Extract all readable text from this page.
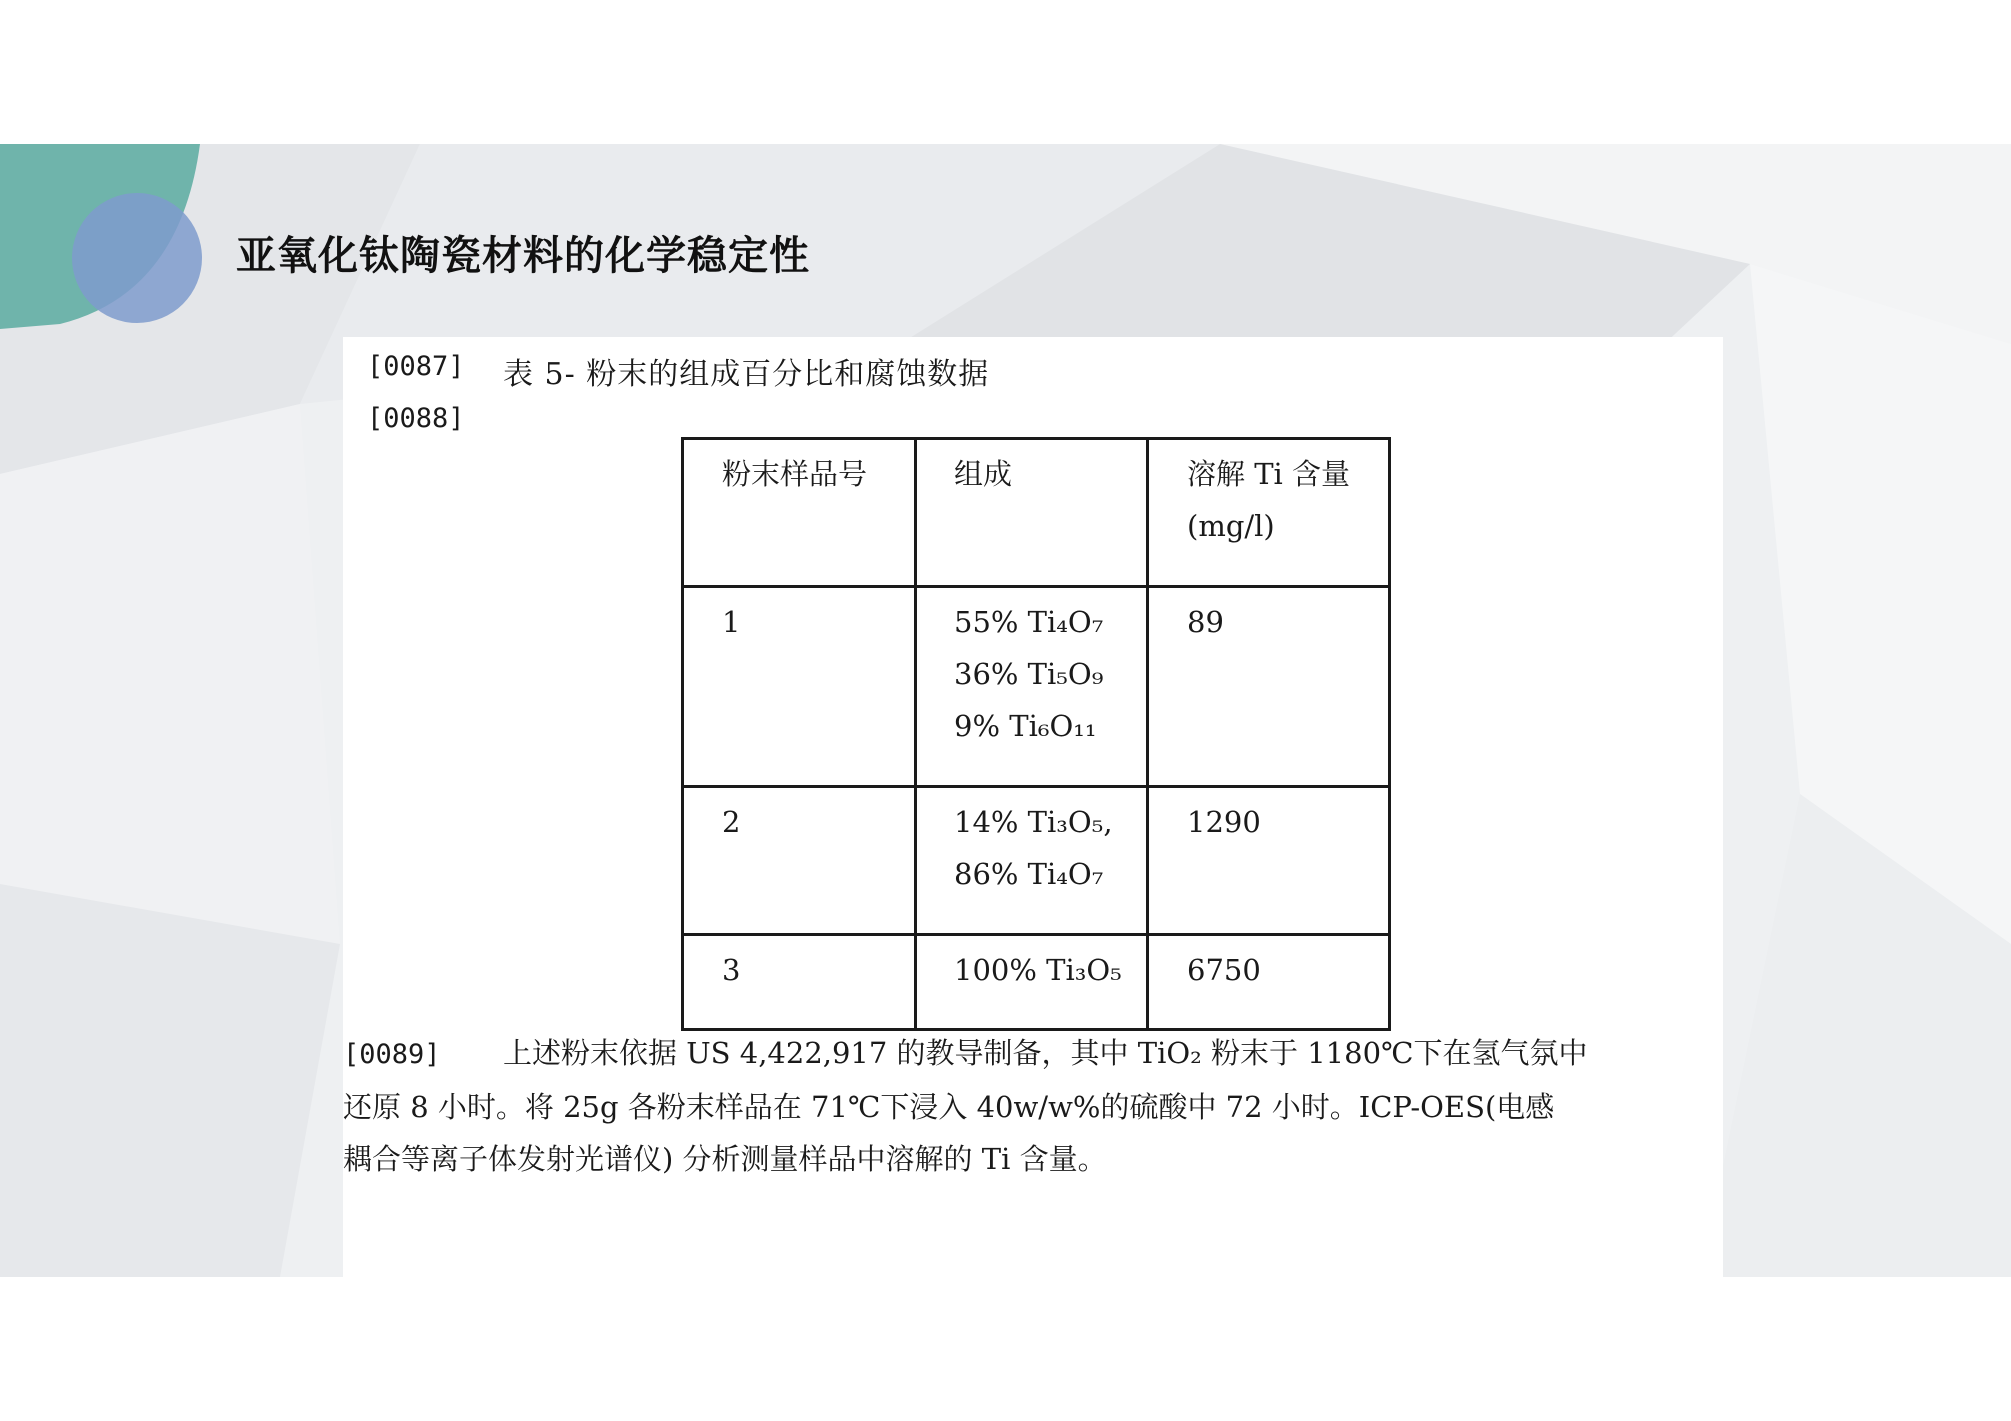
亚氧化钛陶瓷材料的化学稳定性
[0087] 表 5- 粉末的组成百分比和腐蚀数据
[0088]
粉末样品号	组成	溶解 Ti 含量
(mg/l)

1	55% Ti₄O₇
36% Ti₅O₉
9% Ti₆O₁₁	89

2	14% Ti₃O₅,
86% Ti₄O₇	1290

3	100% Ti₃O₅	6750
[0089] 上述粉末依据 US 4,422,917 的教导制备，其中 TiO₂ 粉末于 1180℃下在氢气氛中
还原 8 小时。将 25g 各粉末样品在 71℃下浸入 40w/w%的硫酸中 72 小时。ICP-OES(电感
耦合等离子体发射光谱仪) 分析测量样品中溶解的 Ti 含量。
